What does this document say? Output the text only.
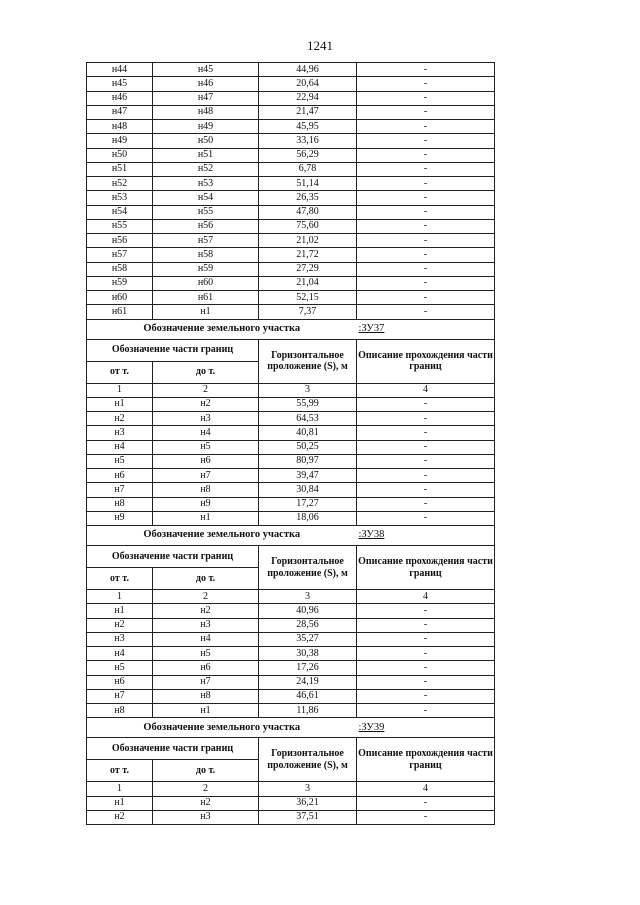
1241
н44	н45	44,96	-
н45	н46	20,64	-
н46	н47	22,94	-
н47	н48	21,47	-
н48	н49	45,95	-
н49	н50	33,16	-
н50	н51	56,29	-
н51	н52	6,78	-
н52	н53	51,14	-
н53	н54	26,35	-
н54	н55	47,80	-
н55	н56	75,60	-
н56	н57	21,02	-
н57	н58	21,72	-
н58	н59	27,29	-
н59	н60	21,04	-
н60	н61	52,15	-
н61	н1	7,37	-
Обозначение земельного участка			:ЗУ37
Обозначение части границ		Горизонтальное проложение (S), м	Описание прохождения части границ
от т.	до т.		
1	2	3	4
н1	н2	55,99	-
н2	н3	64,53	-
н3	н4	40,81	-
н4	н5	50,25	-
н5	н6	80,97	-
н6	н7	39,47	-
н7	н8	30,84	-
н8	н9	17,27	-
н9	н1	18,06	-
Обозначение земельного участка			:ЗУ38
Обозначение части границ		Горизонтальное проложение (S), м	Описание прохождения части границ
от т.	до т.		
1	2	3	4
н1	н2	40,96	-
н2	н3	28,56	-
н3	н4	35,27	-
н4	н5	30,38	-
н5	н6	17,26	-
н6	н7	24,19	-
н7	н8	46,61	-
н8	н1	11,86	-
Обозначение земельного участка			:ЗУ39
Обозначение части границ		Горизонтальное проложение (S), м	Описание прохождения части границ
от т.	до т.		
1	2	3	4
н1	н2	36,21	-
н2	н3	37,51	-
